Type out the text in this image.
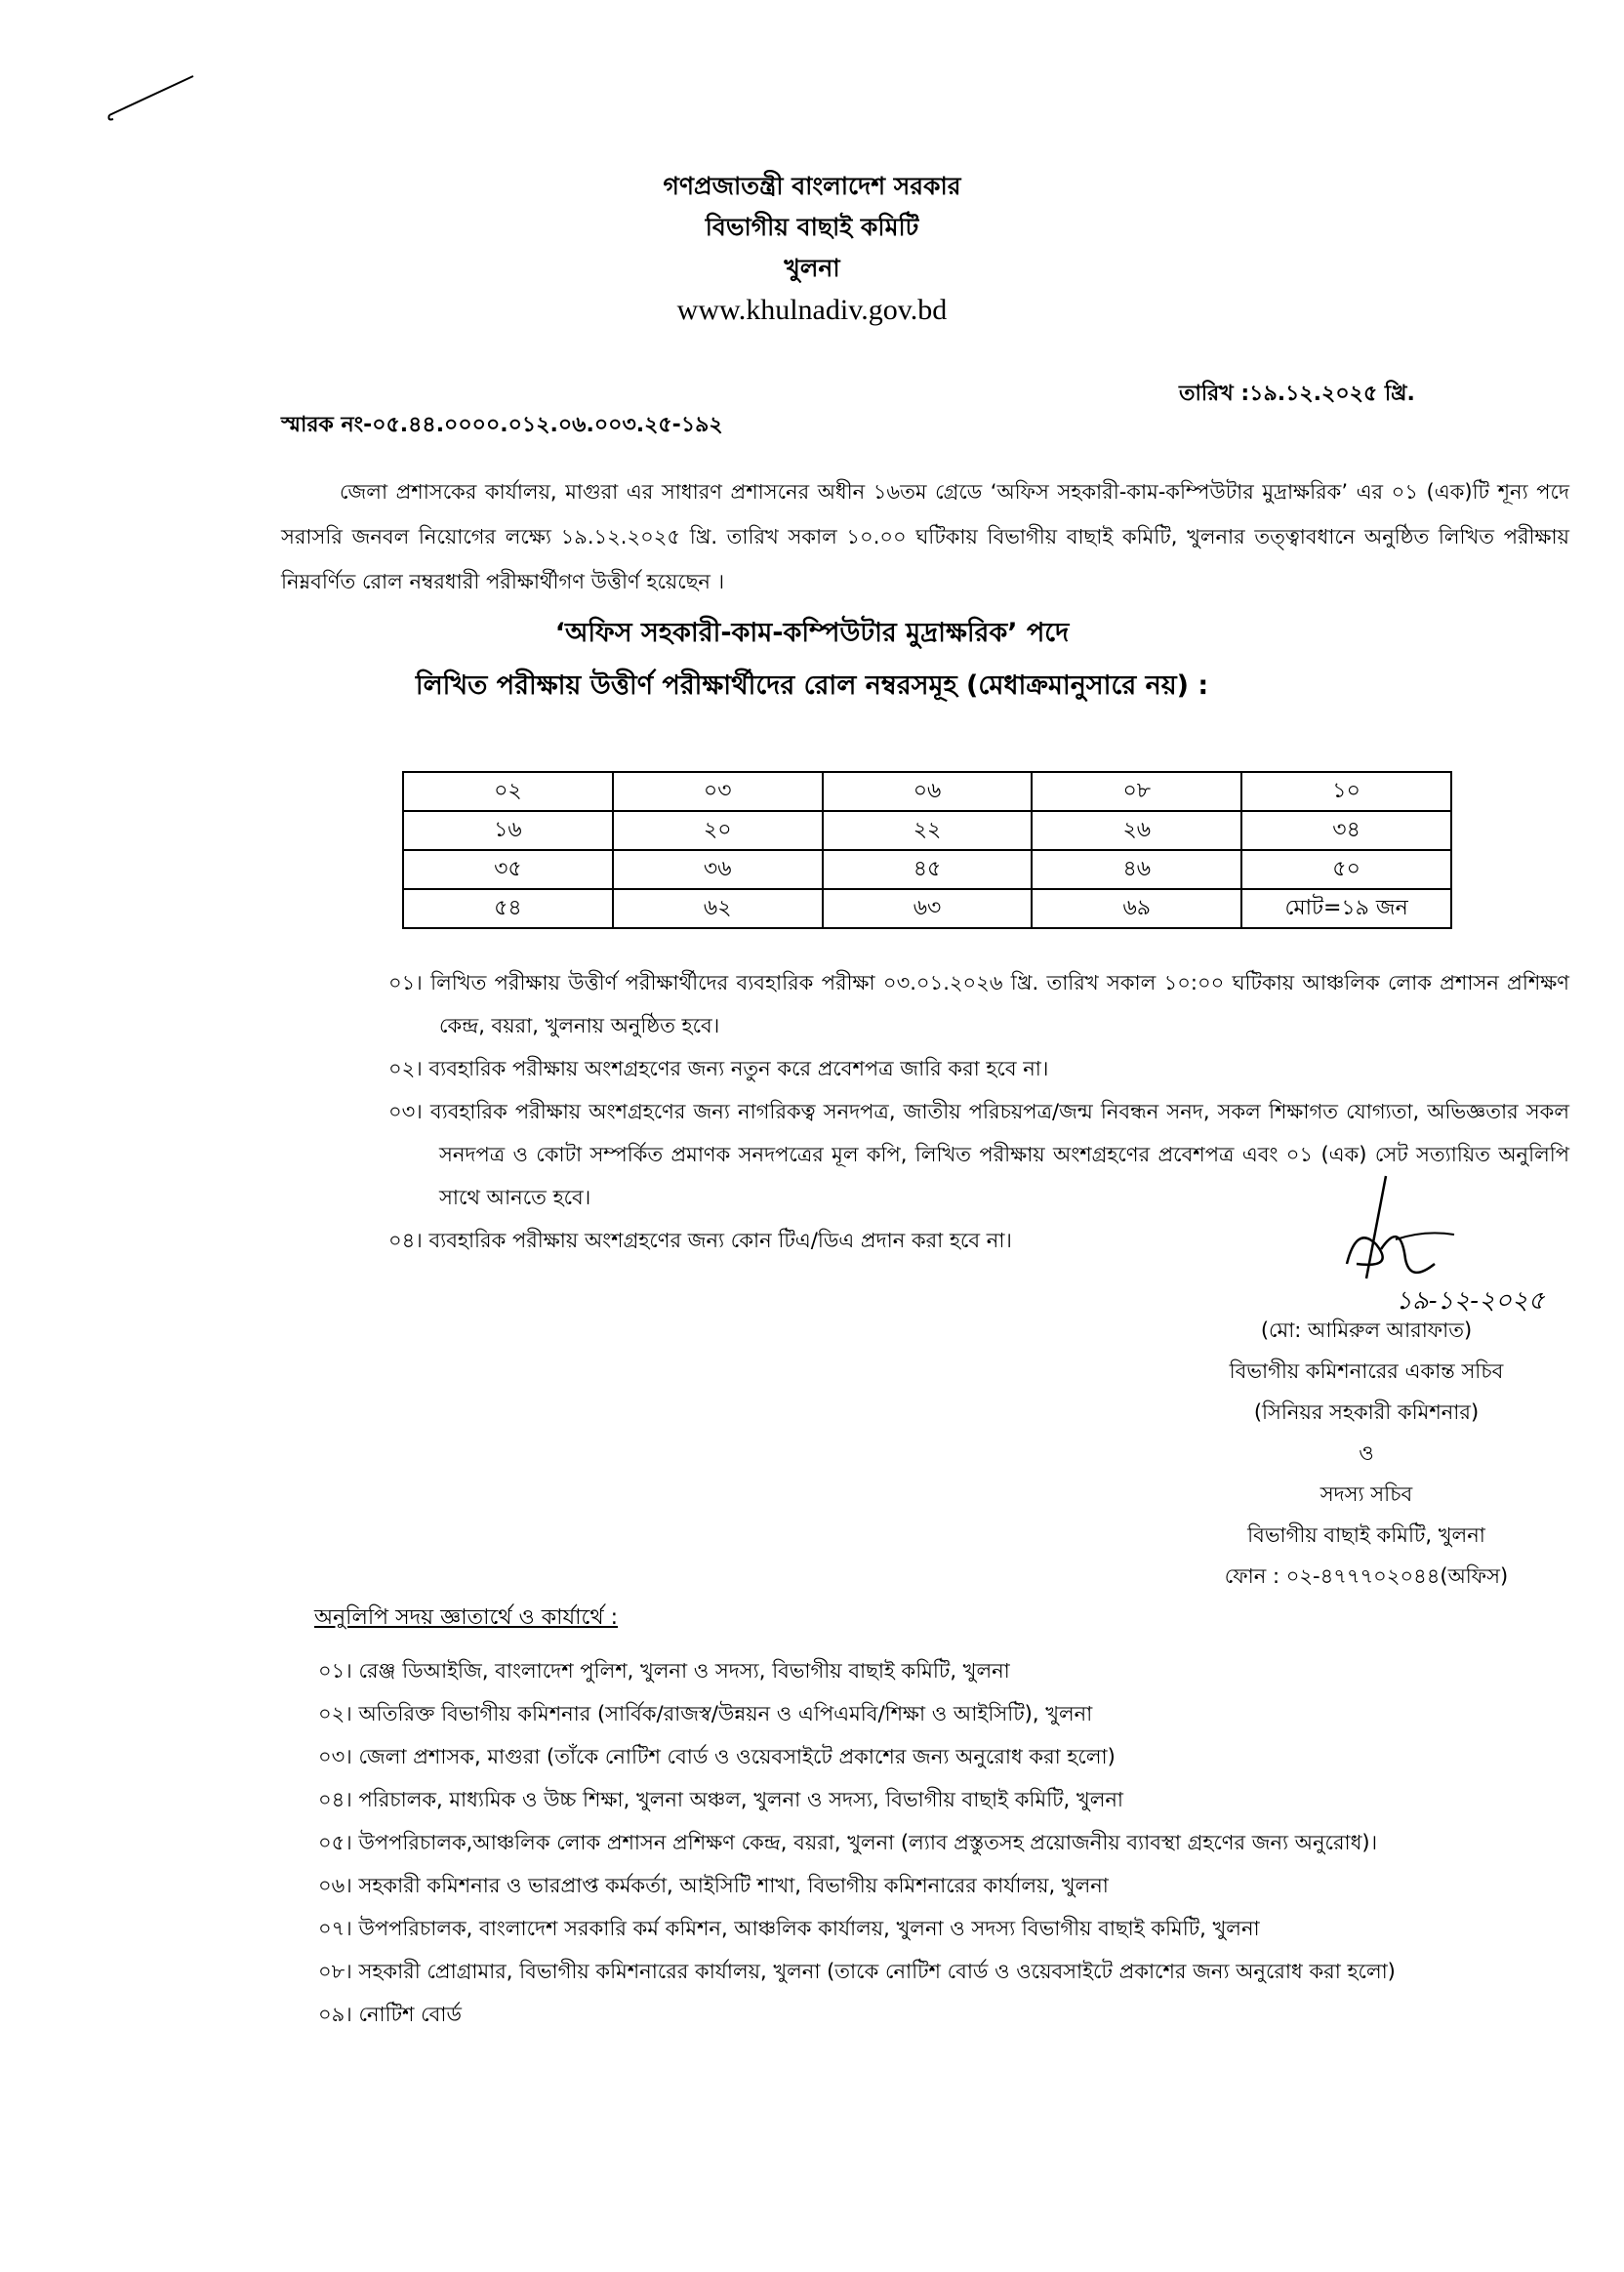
গণপ্রজাতন্ত্রী বাংলাদেশ সরকার
বিভাগীয় বাছাই কমিটি
খুলনা
www.khulnadiv.gov.bd
তারিখ :১৯.১২.২০২৫ খ্রি.
স্মারক নং-০৫.৪৪.০০০০.০১২.০৬.০০৩.২৫-১৯২

জেলা প্রশাসকের কার্যালয়, মাগুরা এর সাধারণ প্রশাসনের অধীন ১৬তম গ্রেডে ‘অফিস সহকারী-কাম-কম্পিউটার মুদ্রাক্ষরিক’ এর ০১ (এক)টি শূন্য পদে সরাসরি জনবল নিয়োগের লক্ষ্যে ১৯.১২.২০২৫ খ্রি. তারিখ সকাল ১০.০০ ঘটিকায় বিভাগীয় বাছাই কমিটি, খুলনার তত্ত্বাবধানে অনুষ্ঠিত লিখিত পরীক্ষায় নিম্নবর্ণিত রোল নম্বরধারী পরীক্ষার্থীগণ উত্তীর্ণ হয়েছেন ।

‘অফিস সহকারী-কাম-কম্পিউটার মুদ্রাক্ষরিক’ পদে
লিখিত পরীক্ষায় উত্তীর্ণ পরীক্ষার্থীদের রোল নম্বরসমূহ (মেধাক্রমানুসারে নয়) :
০২	০৩	০৬	০৮	১০
১৬	২০	২২	২৬	৩৪
৩৫	৩৬	৪৫	৪৬	৫০
৫৪	৬২	৬৩	৬৯	মোট=১৯ জন

০১। লিখিত পরীক্ষায় উত্তীর্ণ পরীক্ষার্থীদের ব্যবহারিক পরীক্ষা ০৩.০১.২০২৬ খ্রি. তারিখ সকাল ১০:০০ ঘটিকায় আঞ্চলিক লোক প্রশাসন প্রশিক্ষণ কেন্দ্র, বয়রা, খুলনায় অনুষ্ঠিত হবে।

০২। ব্যবহারিক পরীক্ষায় অংশগ্রহণের জন্য নতুন করে প্রবেশপত্র জারি করা হবে না।

০৩। ব্যবহারিক পরীক্ষায় অংশগ্রহণের জন্য নাগরিকত্ব সনদপত্র, জাতীয় পরিচয়পত্র/জন্ম নিবন্ধন সনদ, সকল শিক্ষাগত যোগ্যতা, অভিজ্ঞতার সকল সনদপত্র ও কোটা সম্পর্কিত প্রমাণক সনদপত্রের মূল কপি, লিখিত পরীক্ষায় অংশগ্রহণের প্রবেশপত্র এবং ০১ (এক) সেট সত্যায়িত অনুলিপি সাথে আনতে হবে।

০৪। ব্যবহারিক পরীক্ষায় অংশগ্রহণের জন্য কোন টিএ/ডিএ প্রদান করা হবে না।

১৯-১২-২০২৫
(মো: আমিরুল আরাফাত)
বিভাগীয় কমিশনারের একান্ত সচিব
(সিনিয়র সহকারী কমিশনার)
ও
সদস্য সচিব
বিভাগীয় বাছাই কমিটি, খুলনা
ফোন : ০২-৪৭৭৭০২০৪৪(অফিস)
অনুলিপি সদয় জ্ঞাতার্থে ও কার্যার্থে :
০১। রেঞ্জ ডিআইজি, বাংলাদেশ পুলিশ, খুলনা ও সদস্য, বিভাগীয় বাছাই কমিটি, খুলনা
০২। অতিরিক্ত বিভাগীয় কমিশনার (সার্বিক/রাজস্ব/উন্নয়ন ও এপিএমবি/শিক্ষা ও আইসিটি), খুলনা
০৩। জেলা প্রশাসক, মাগুরা (তাঁকে নোটিশ বোর্ড ও ওয়েবসাইটে প্রকাশের জন্য অনুরোধ করা হলো)
০৪। পরিচালক, মাধ্যমিক ও উচ্চ শিক্ষা, খুলনা অঞ্চল, খুলনা ও সদস্য, বিভাগীয় বাছাই কমিটি, খুলনা
০৫। উপপরিচালক,আঞ্চলিক লোক প্রশাসন প্রশিক্ষণ কেন্দ্র, বয়রা, খুলনা (ল্যাব প্রস্তুতসহ প্রয়োজনীয় ব্যাবস্থা গ্রহণের জন্য অনুরোধ)।
০৬। সহকারী কমিশনার ও ভারপ্রাপ্ত কর্মকর্তা, আইসিটি শাখা, বিভাগীয় কমিশনারের কার্যালয়, খুলনা
০৭। উপপরিচালক, বাংলাদেশ সরকারি কর্ম কমিশন, আঞ্চলিক কার্যালয়, খুলনা ও সদস্য বিভাগীয় বাছাই কমিটি, খুলনা
০৮। সহকারী প্রোগ্রামার, বিভাগীয় কমিশনারের কার্যালয়, খুলনা (তাকে নোটিশ বোর্ড ও ওয়েবসাইটে প্রকাশের জন্য অনুরোধ করা হলো)
০৯। নোটিশ বোর্ড
